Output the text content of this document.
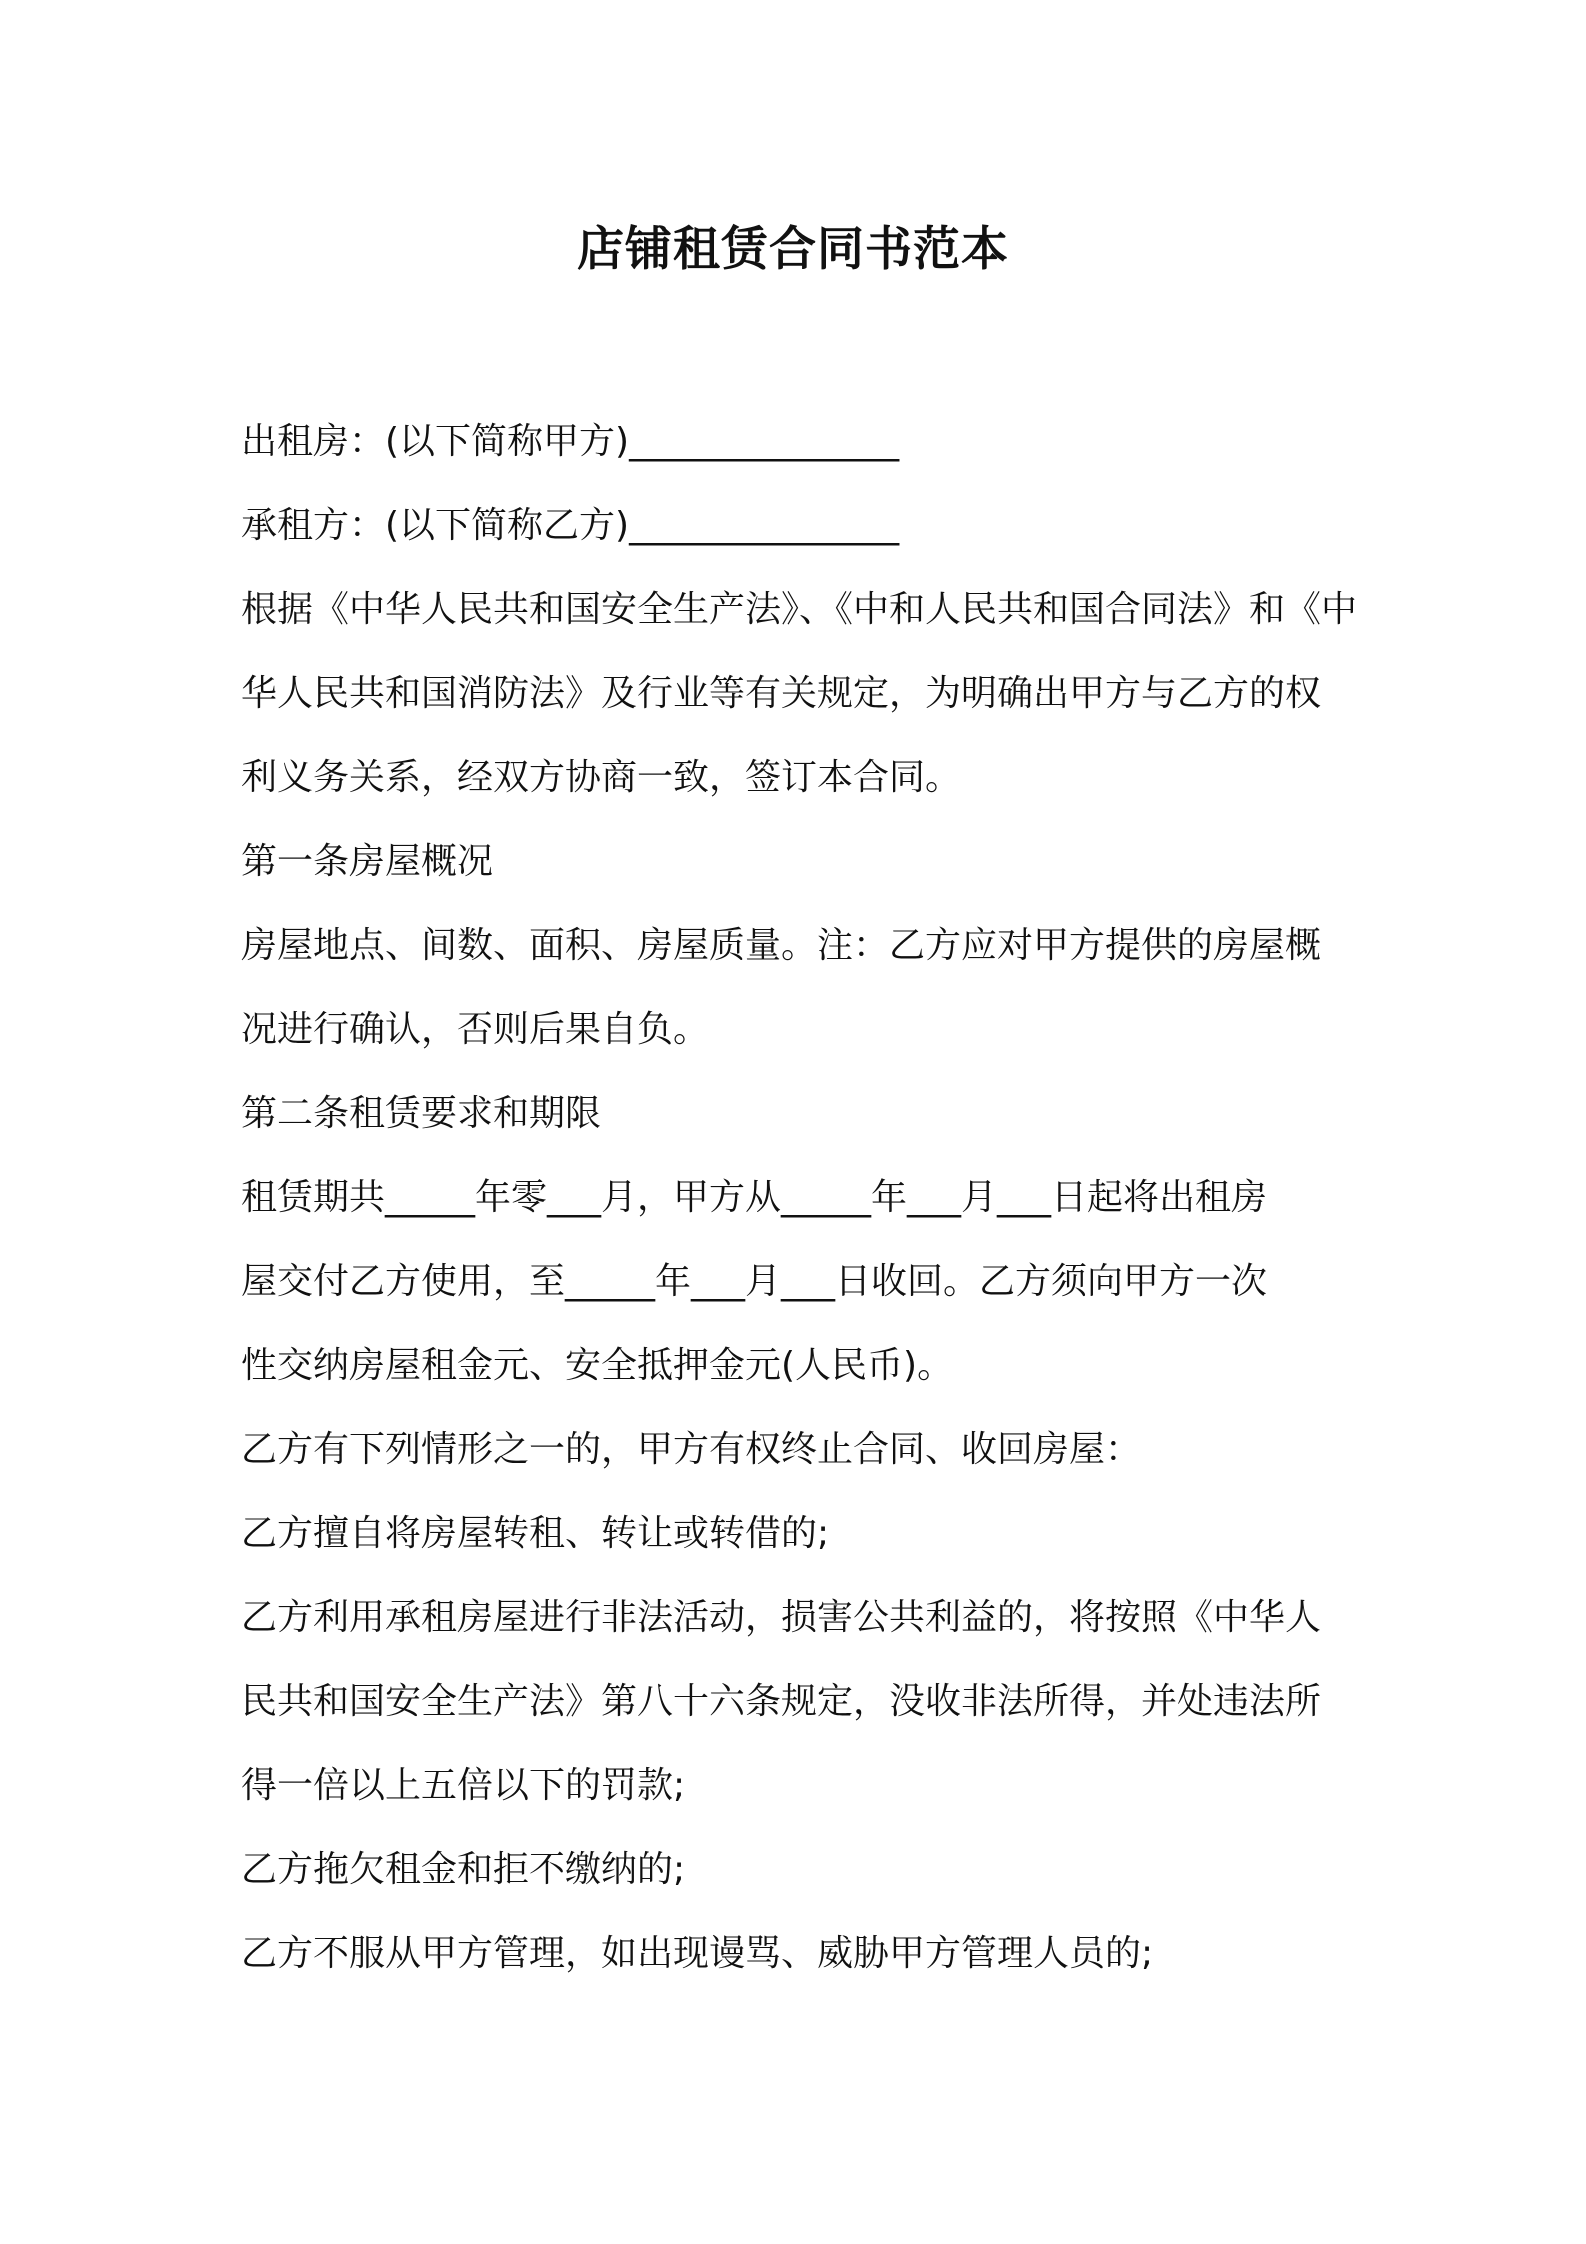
店铺租赁合同书范本
出租房：(以下简称甲方)_______________
承租方：(以下简称乙方)_______________
根据《中华人民共和国安全生产法》、《中和人民共和国合同法》和《中
华人民共和国消防法》及行业等有关规定，为明确出甲方与乙方的权
利义务关系，经双方协商一致，签订本合同。
第一条房屋概况
房屋地点、间数、面积、房屋质量。注：乙方应对甲方提供的房屋概
况进行确认，否则后果自负。
第二条租赁要求和期限
租赁期共_____年零___月，甲方从_____年___月___日起将出租房
屋交付乙方使用，至_____年___月___日收回。乙方须向甲方一次
性交纳房屋租金元、安全抵押金元(人民币)。
乙方有下列情形之一的，甲方有权终止合同、收回房屋：
乙方擅自将房屋转租、转让或转借的;
乙方利用承租房屋进行非法活动，损害公共利益的，将按照《中华人
民共和国安全生产法》第八十六条规定，没收非法所得，并处违法所
得一倍以上五倍以下的罚款;
乙方拖欠租金和拒不缴纳的;
乙方不服从甲方管理，如出现谩骂、威胁甲方管理人员的;
